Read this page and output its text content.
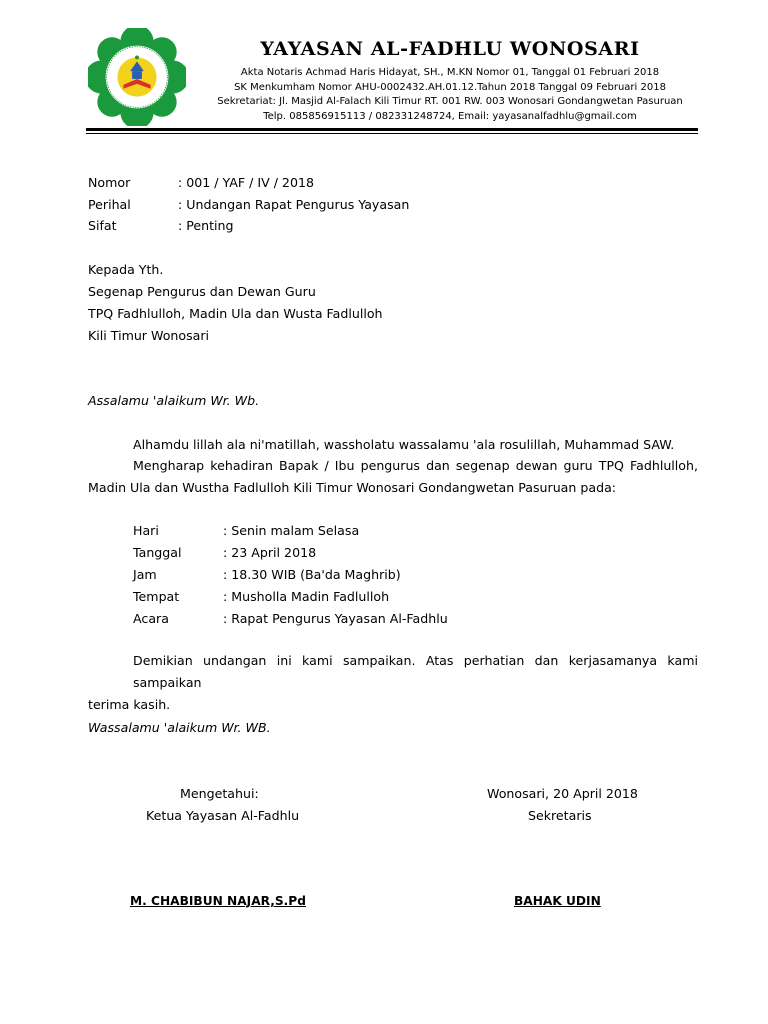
YAYASAN AL-FADHLU WONOSARI
Akta Notaris Achmad Haris Hidayat, SH., M.KN Nomor 01, Tanggal 01 Februari 2018
SK Menkumham Nomor AHU-0002432.AH.01.12.Tahun 2018 Tanggal 09 Februari 2018
Sekretariat: Jl. Masjid Al-Falach Kili Timur RT. 001 RW. 003 Wonosari Gondangwetan Pasuruan
Telp. 085856915113 / 082331248724, Email: yayasanalfadhlu@gmail.com
Nomor	: 001 / YAF / IV / 2018
Perihal	: Undangan Rapat Pengurus Yayasan
Sifat	: Penting
Kepada Yth.
Segenap Pengurus dan Dewan Guru
TPQ Fadhlulloh, Madin Ula dan Wusta Fadlulloh
Kili Timur Wonosari
Assalamu 'alaikum Wr. Wb.
Alhamdu lillah ala ni'matillah, wassholatu wassalamu 'ala rosulillah, Muhammad SAW.
Mengharap kehadiran Bapak / Ibu pengurus dan segenap dewan guru TPQ Fadhlulloh,
Madin Ula dan Wustha Fadlulloh Kili Timur Wonosari Gondangwetan Pasuruan pada:
Hari	: Senin malam Selasa
Tanggal	: 23 April 2018
Jam	: 18.30 WIB (Ba'da Maghrib)
Tempat	: Musholla Madin Fadlulloh
Acara	: Rapat Pengurus Yayasan Al-Fadhlu
Demikian undangan ini kami sampaikan. Atas perhatian dan kerjasamanya kami sampaikan
terima kasih.
Wassalamu 'alaikum Wr. WB.
Mengetahui:
Ketua Yayasan Al-Fadhlu
M. CHABIBUN NAJAR,S.Pd
Wonosari, 20 April 2018
Sekretaris
BAHAK UDIN
